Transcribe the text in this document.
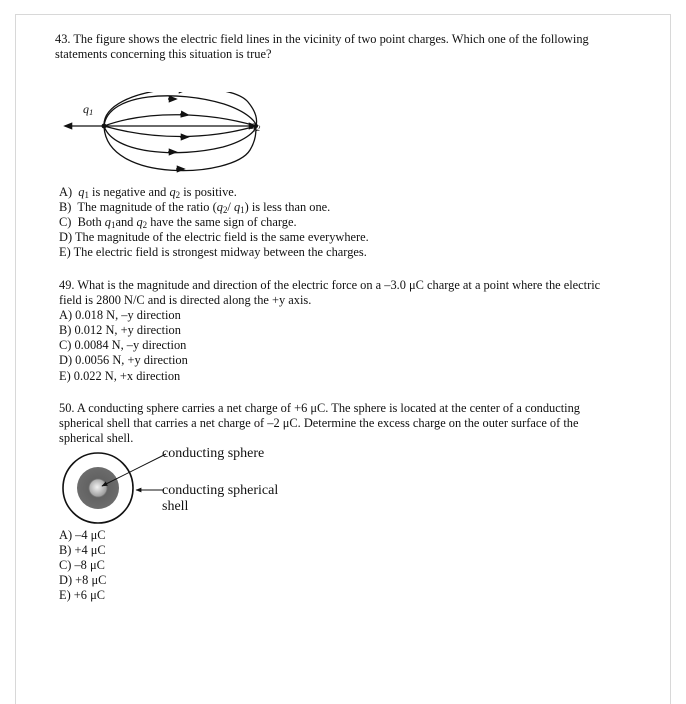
43. The figure shows the electric field lines in the vicinity of two point charges. Which one of the following
statements concerning this situation is true?
$q_1$
$q_2$
A) $q_1$ is negative and $q_2$ is positive.
B) The magnitude of the ratio ($q_2/$ $q_1$) is less than one.
C) Both $q_1and$ $q_2$ have the same sign of charge.
D) The magnitude of the electric field is the same everywhere.
E) The electric field is strongest midway between the charges.
49. What is the magnitude and direction of the electric force on a –3.0 μC charge at a point where the electric
field is 2800 N/C and is directed along the +y axis.
A) 0.018 N, –y direction
B) 0.012 N, +y direction
C) 0.0084 N, –y direction
D) 0.0056 N, +y direction
E) 0.022 N, +x direction
50. A conducting sphere carries a net charge of +6 μC. The sphere is located at the center of a conducting
spherical shell that carries a net charge of –2 μC. Determine the excess charge on the outer surface of the
spherical shell.
conducting sphere
conducting spherical
shell
A) –4 μC
B) +4 μC
C) –8 μC
D) +8 μC
E) +6 μC
